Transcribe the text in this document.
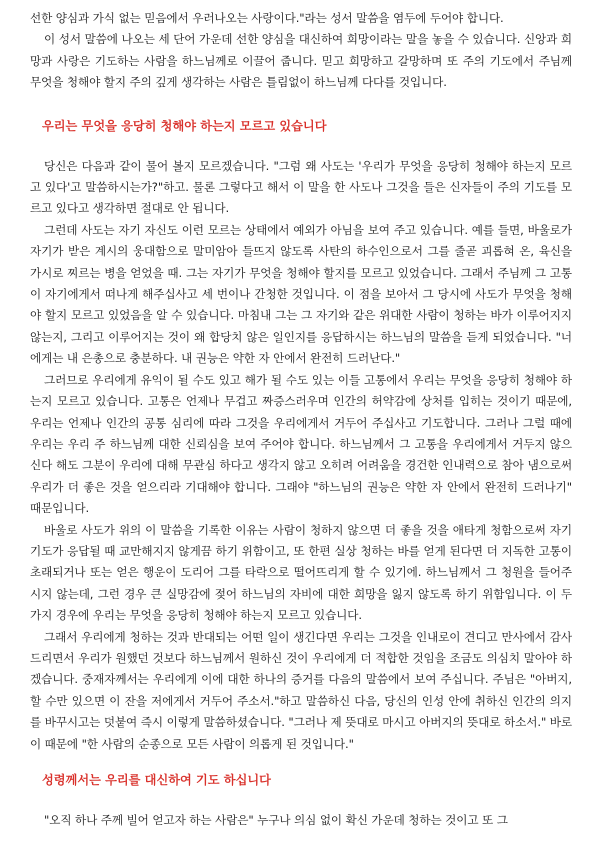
선한 양심과 가식 없는 믿음에서 우러나오는 사랑이다."라는 성서 말씀을 염두에 두어야 합니다.

이 성서 말씀에 나오는 세 단어 가운데 선한 양심을 대신하여 희망이라는 말을 놓을 수 있습니다. 신앙과 희망과 사랑은 기도하는 사람을 하느님께로 이끌어 줍니다. 믿고 희망하고 갈망하며 또 주의 기도에서 주님께 무엇을 청해야 할지 주의 깊게 생각하는 사람은 틀림없이 하느님께 다다를 것입니다.

우리는 무엇을 응당히 청해야 하는지 모르고 있습니다

당신은 다음과 같이 물어 볼지 모르겠습니다. "그럼 왜 사도는 '우리가 무엇을 응당히 청해야 하는지 모르고 있다'고 말씀하시는가?"하고. 물론 그렇다고 해서 이 말을 한 사도나 그것을 들은 신자들이 주의 기도를 모르고 있다고 생각하면 절대로 안 됩니다.

그런데 사도는 자기 자신도 이런 모르는 상태에서 예외가 아님을 보여 주고 있습니다. 예를 들면, 바울로가 자기가 받은 계시의 웅대함으로 말미암아 들뜨지 않도록 사탄의 하수인으로서 그를 줄곧 괴롭혀 온, 육신을 가시로 찌르는 병을 얻었을 때. 그는 자기가 무엇을 청해야 할지를 모르고 있었습니다. 그래서 주님께 그 고통이 자기에게서 떠나게 해주십사고 세 번이나 간청한 것입니다. 이 점을 보아서 그 당시에 사도가 무엇을 청해야 할지 모르고 있었음을 알 수 있습니다. 마침내 그는 그 자기와 같은 위대한 사람이 청하는 바가 이루어지지 않는지, 그리고 이루어지는 것이 왜 합당치 않은 일인지를 응답하시는 하느님의 말씀을 듣게 되었습니다. "너에게는 내 은총으로 충분하다. 내 권능은 약한 자 안에서 완전히 드러난다."

그러므로 우리에게 유익이 될 수도 있고 해가 될 수도 있는 이들 고통에서 우리는 무엇을 응당히 청해야 하는지 모르고 있습니다. 고통은 언제나 무겁고 짜증스러우며 인간의 허약감에 상처를 입히는 것이기 때문에, 우리는 언제나 인간의 공통 심리에 따라 그것을 우리에게서 거두어 주십사고 기도합니다. 그러나 그럴 때에 우리는 우리 주 하느님께 대한 신뢰심을 보여 주어야 합니다. 하느님께서 그 고통을 우리에게서 거두지 않으신다 해도 그분이 우리에 대해 무관심 하다고 생각지 않고 오히려 어려움을 경건한 인내력으로 참아 냄으로써 우리가 더 좋은 것을 얻으리라 기대해야 합니다. 그래야 "하느님의 권능은 약한 자 안에서 완전히 드러나기" 때문입니다.

바울로 사도가 위의 이 말씀을 기록한 이유는 사람이 청하지 않으면 더 좋을 것을 애타게 청함으로써 자기 기도가 응답될 때 교만해지지 않게끔 하기 위함이고, 또 한편 실상 청하는 바를 얻게 된다면 더 지독한 고통이 초래되거나 또는 얻은 행운이 도리어 그를 타락으로 떨어뜨리게 할 수 있기에. 하느님께서 그 청원을 들어주시지 않는데, 그런 경우 큰 실망감에 젖어 하느님의 자비에 대한 희망을 잃지 않도록 하기 위함입니다. 이 두 가지 경우에 우리는 무엇을 응당히 청해야 하는지 모르고 있습니다.

그래서 우리에게 청하는 것과 반대되는 어떤 일이 생긴다면 우리는 그것을 인내로이 견디고 만사에서 감사드리면서 우리가 원했던 것보다 하느님께서 원하신 것이 우리에게 더 적합한 것임을 조금도 의심치 말아야 하겠습니다. 중재자께서는 우리에게 이에 대한 하나의 증거를 다음의 말씀에서 보여 주십니다. 주님은 "아버지, 할 수만 있으면 이 잔을 저에게서 거두어 주소서."하고 말씀하신 다음, 당신의 인성 안에 취하신 인간의 의지를 바꾸시고는 덧붙여 즉시 이렇게 말씀하셨습니다. "그러나 제 뜻대로 마시고 아버지의 뜻대로 하소서." 바로 이 때문에 "한 사람의 순종으로 모든 사람이 의롭게 된 것입니다."

성령께서는 우리를 대신하여 기도 하십니다

"오직 하나 주께 빌어 얻고자 하는 사람은" 누구나 의심 없이 확신 가운데 청하는 것이고 또 그
